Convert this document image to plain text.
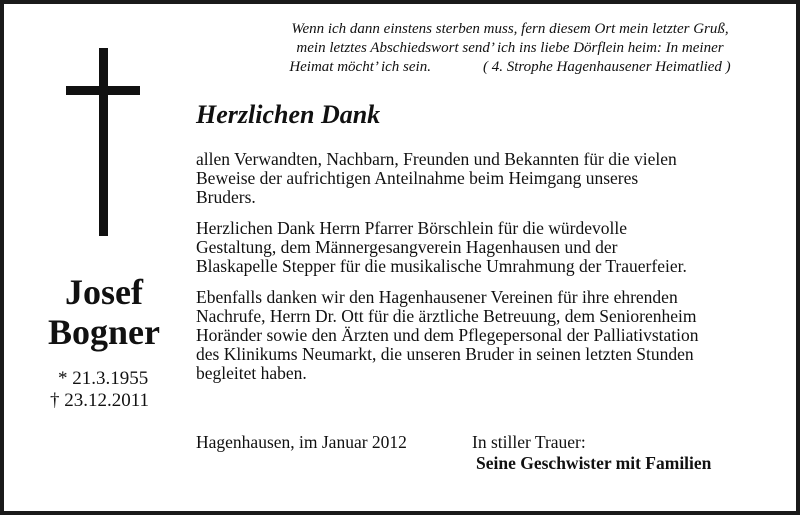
Wenn ich dann einstens sterben muss, fern diesem Ort mein letzter Gruß,
mein letztes Abschiedswort send’ ich ins liebe Dörflein heim: In meiner
Heimat möcht’ ich sein.	( 4. Strophe Hagenhausener Heimatlied )
Josef
Bogner
* 21.3.1955
† 23.12.2011
Herzlichen Dank

allen Verwandten, Nachbarn, Freunden und Bekannten für die vielen
Beweise der aufrichtigen Anteilnahme beim Heimgang unseres
Bruders.

Herzlichen Dank Herrn Pfarrer Börschlein für die würdevolle
Gestaltung, dem Männergesangverein Hagenhausen und der
Blaskapelle Stepper für die musikalische Umrahmung der Trauerfeier.

Ebenfalls danken wir den Hagenhausener Vereinen für ihre ehrenden
Nachrufe, Herrn Dr. Ott für die ärztliche Betreuung, dem Seniorenheim
Horänder sowie den Ärzten und dem Pflegepersonal der Palliativstation
des Klinikums Neumarkt, die unseren Bruder in seinen letzten Stunden
begleitet haben.

Hagenhausen, im Januar 2012	In stiller Trauer:
Seine Geschwister mit Familien
